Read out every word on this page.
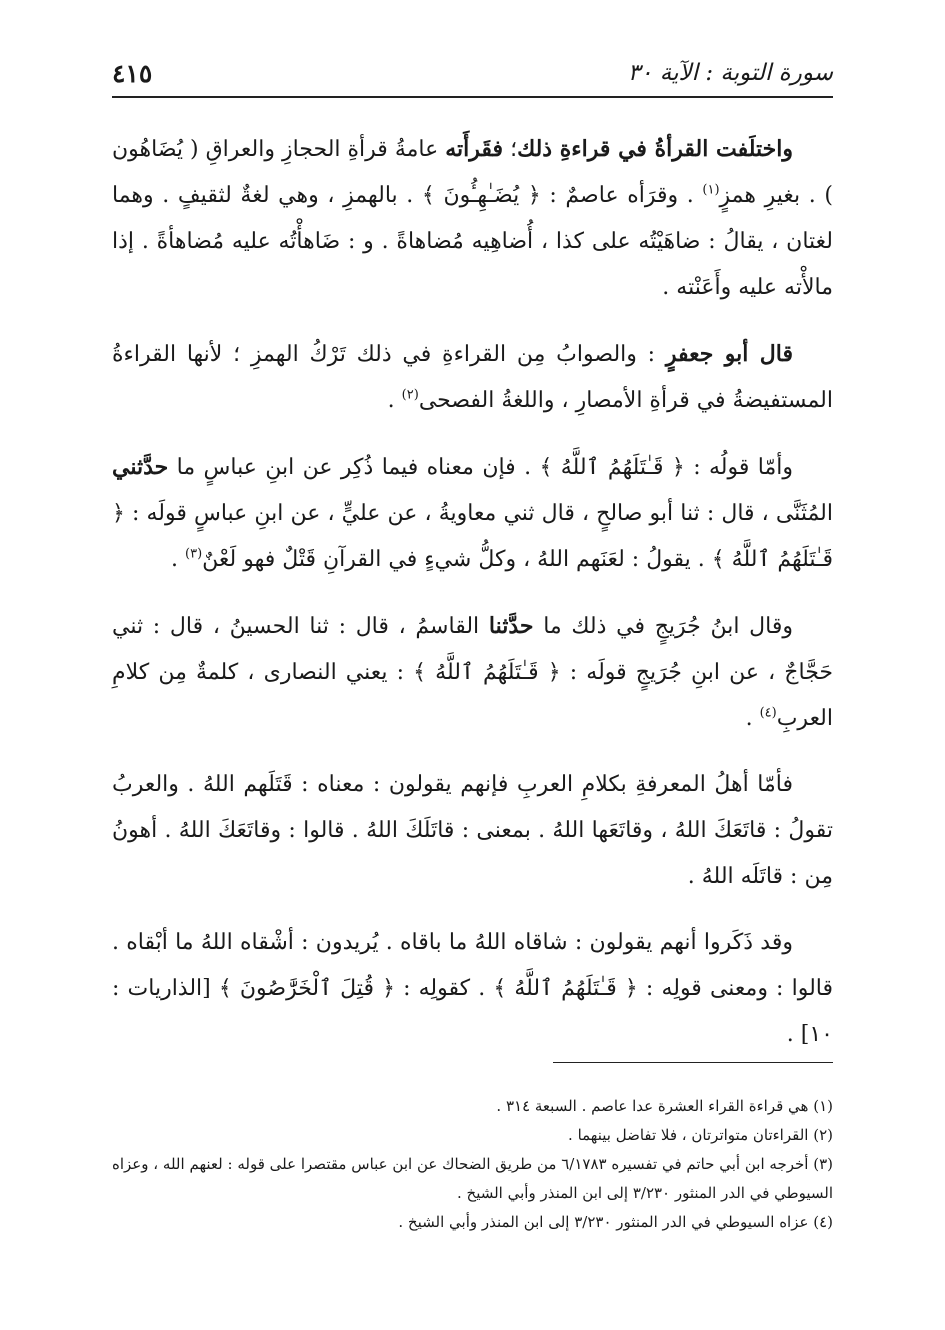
سورة التوبة : الآية ٣٠
٤١٥

واختلَفت القرأةُ في قراءةِ ذلك؛ فقَرأَته عامةُ قرأةِ الحجازِ والعراقِ ( يُضَاهُون ) . بغيرِ همزٍ$^{(١)}$ . وقرَأه عاصمٌ : ﴿ يُضَـٰهِـُٔونَ ﴾ . بالهمزِ ، وهي لغةٌ لثقيفٍ . وهما لغتان ، يقالُ : ضاهَيْتُه على كذا ، أُضاهِيه مُضاهاةً . و : ضَاهأْتُه عليه مُضاهأةً . إذا مالأْته عليه وأَعَنْته .

قال أبو جعفرٍ : والصوابُ مِن القراءةِ في ذلك تَرْكُ الهمزِ ؛ لأنها القراءةُ المستفيضةُ في قرأةِ الأمصارِ ، واللغةُ الفصحى$^{(٢)}$ .

وأمّا قولُه : ﴿ قَـٰتَلَهُمُ ٱللَّهُ ﴾ . فإن معناه فيما ذُكِر عن ابنِ عباسٍ ما حدَّثني المُثَنَّى ، قال : ثنا أبو صالحٍ ، قال ثني معاويةُ ، عن عليٍّ ، عن ابنِ عباسٍ قولَه : ﴿ قَـٰتَلَهُمُ ٱللَّهُ ﴾ . يقولُ : لعَنَهم اللهُ ، وكلُّ شيءٍ في القرآنِ قَتْلٌ فهو لَعْنٌ$^{(٣)}$ .

وقال ابنُ جُرَيجٍ في ذلك ما حدَّثنا القاسمُ ، قال : ثنا الحسينُ ، قال : ثني حَجَّاجٌ ، عن ابنِ جُرَيجٍ قولَه : ﴿ قَـٰتَلَهُمُ ٱللَّهُ ﴾ : يعني النصارى ، كلمةٌ مِن كلامِ العربِ$^{(٤)}$ .

فأمّا أهلُ المعرفةِ بكلامِ العربِ فإنهم يقولون : معناه : قَتَلَهم اللهُ . والعربُ تقولُ : قاتَعَكَ اللهُ ، وقاتَعَها اللهُ . بمعنى : قاتَلَكَ اللهُ . قالوا : وقاتَعَكَ اللهُ . أهونُ مِن : قاتَلَه اللهُ .

وقد ذَكَروا أنهم يقولون : شاقاه اللهُ ما باقاه . يُريدون : أشْقاه اللهُ ما أبْقاه . قالوا : ومعنى قولِه : ﴿ قَـٰتَلَهُمُ ٱللَّهُ ﴾ . كقولِه : ﴿ قُتِلَ ٱلْخَرَّٰصُونَ ﴾ [الذاريات : ١٠] .

(١) هي قراءة القراء العشرة عدا عاصم . السبعة ٣١٤ .

(٢) القراءتان متواترتان ، فلا تفاضل بينهما .

(٣) أخرجه ابن أبي حاتم في تفسيره ٦/١٧٨٣ من طريق الضحاك عن ابن عباس مقتصرا على قوله : لعنهم الله ، وعزاه السيوطي في الدر المنثور ٣/٢٣٠ إلى ابن المنذر وأبي الشيخ .

(٤) عزاه السيوطي في الدر المنثور ٣/٢٣٠ إلى ابن المنذر وأبي الشيخ .
